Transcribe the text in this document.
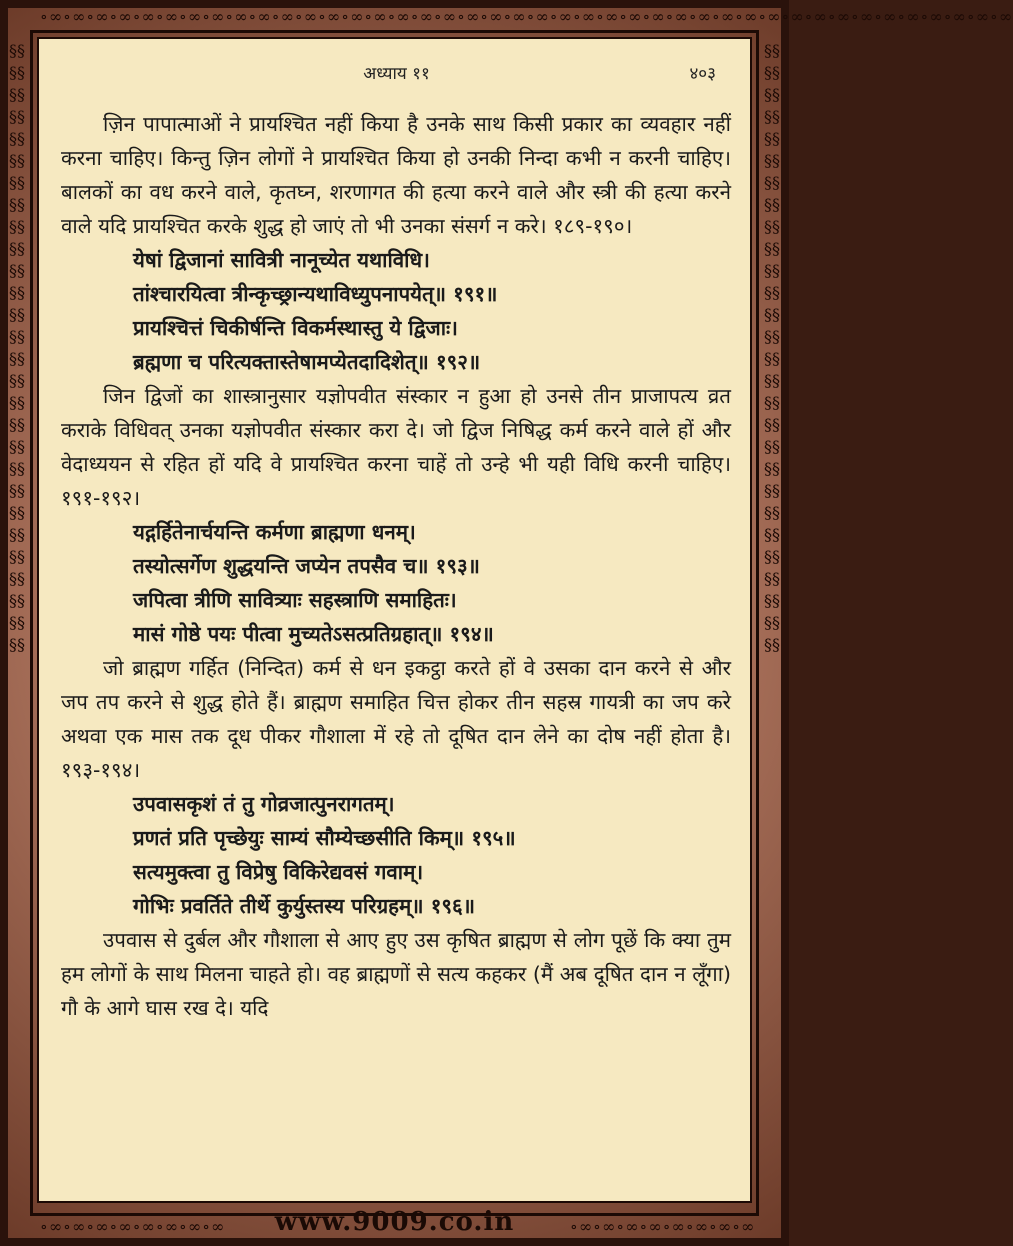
∘∞∘∞∘∞∘∞∘∞∘∞∘∞∘∞∘∞∘∞∘∞∘∞∘∞∘∞∘∞∘∞∘∞∘∞∘∞∘∞∘∞∘∞∘∞∘∞∘∞∘∞∘∞∘∞∘∞∘∞∘∞∘∞∘∞∘∞∘∞∘∞∘∞∘∞∘∞∘∞∘∞∘∞
§§§§§§§§§§§§§§§§§§§§§§§§§§§§§§§§§§§§§§§§§§§§§§§§§§§§§§§§
§§§§§§§§§§§§§§§§§§§§§§§§§§§§§§§§§§§§§§§§§§§§§§§§§§§§§§§§
अध्याय ११	४०३

ज़िन पापात्माओं ने प्रायश्चित नहीं किया है उनके साथ किसी प्रकार का व्यवहार नहीं करना चाहिए। किन्तु ज़िन लोगों ने प्रायश्चित किया हो उनकी निन्दा कभी न करनी चाहिए। बालकों का वध करने वाले, कृतघ्न, शरणागत की हत्या करने वाले और स्त्री की हत्या करने वाले यदि प्रायश्चित करके शुद्ध हो जाएं तो भी उनका संसर्ग न करे। १८९-१९०।

येषां द्विजानां सावित्री नानूच्येत यथाविधि।

तांश्चारयित्वा त्रीन्कृच्छ्रान्यथाविध्युपनापयेत्॥ १९१॥

प्रायश्चित्तं चिकीर्षन्ति विकर्मस्थास्तु ये द्विजाः।

ब्रह्मणा च परित्यक्तास्तेषामप्येतदादिशेत्॥ १९२॥

जिन द्विजों का शास्त्रानुसार यज्ञोपवीत संस्कार न हुआ हो उनसे तीन प्राजापत्य व्रत कराके विधिवत् उनका यज्ञोपवीत संस्कार करा दे। जो द्विज निषिद्ध कर्म करने वाले हों और वेदाध्ययन से रहित हों यदि वे प्रायश्चित करना चाहें तो उन्हे भी यही विधि करनी चाहिए। १९१-१९२।

यद्गर्हितेनार्चयन्ति कर्मणा ब्राह्मणा धनम्।

तस्योत्सर्गेण शुद्धयन्ति जप्येन तपसैव च॥ १९३॥

जपित्वा त्रीणि सावित्र्याः सहस्त्राणि समाहितः।

मासं गोष्ठे पयः पीत्वा मुच्यतेऽसत्प्रतिग्रहात्॥ १९४॥

जो ब्राह्मण गर्हित (निन्दित) कर्म से धन इकट्ठा करते हों वे उसका दान करने से और जप तप करने से शुद्ध होते हैं। ब्राह्मण समाहित चित्त होकर तीन सहस्र गायत्री का जप करे अथवा एक मास तक दूध पीकर गौशाला में रहे तो दूषित दान लेने का दोष नहीं होता है। १९३-१९४।

उपवासकृशं तं तु गोव्रजात्पुनरागतम्।

प्रणतं प्रति पृच्छेयुः साम्यं सौम्येच्छसीति किम्॥ १९५॥

सत्यमुक्त्वा तु विप्रेषु विकिरेद्यवसं गवाम्।

गोभिः प्रवर्तिते तीर्थे कुर्युस्तस्य परिग्रहम्॥ १९६॥

उपवास से दुर्बल और गौशाला से आए हुए उस कृषित ब्राह्मण से लोग पूछें कि क्या तुम हम लोगों के साथ मिलना चाहते हो। वह ब्राह्मणों से सत्य कहकर (मैं अब दूषित दान न लूँगा) गौ के आगे घास रख दे। यदि

∘∞∘∞∘∞∘∞∘∞∘∞∘∞∘∞	∘∞∘∞∘∞∘∞∘∞∘∞∘∞∘∞
www.9009.co.in
